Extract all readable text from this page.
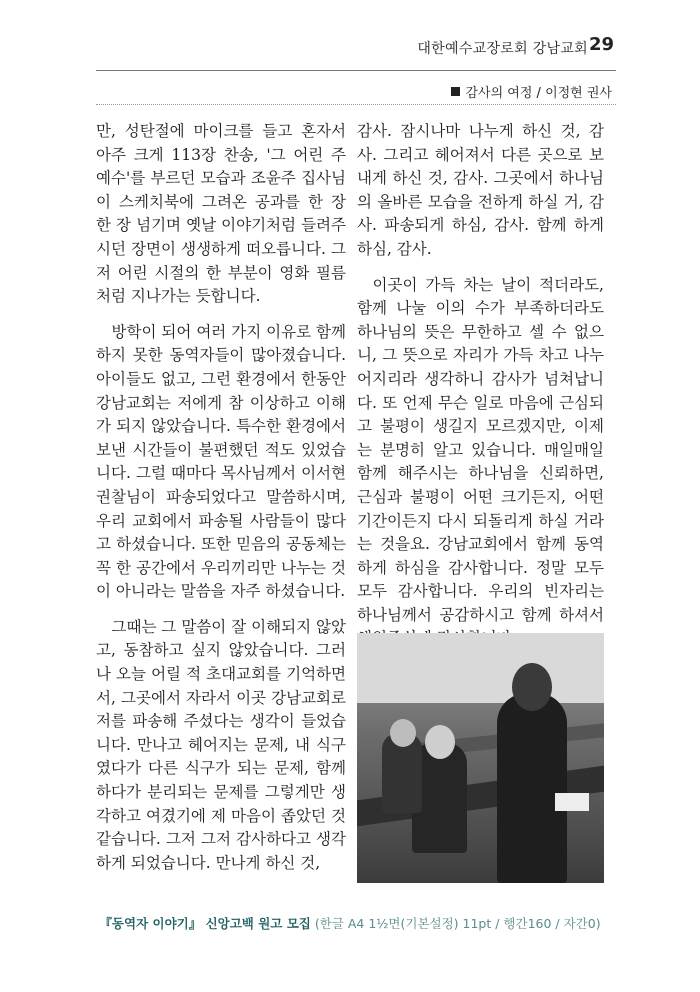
대한예수교장로회 강남교회 29
감사의 여정 / 이정현 권사

만, 성탄절에 마이크를 들고 혼자서 아주 크게 113장 찬송, '그 어린 주 예수'를 부르던 모습과 조윤주 집사님이 스케치북에 그려온 공과를 한 장 한 장 넘기며 옛날 이야기처럼 들려주시던 장면이 생생하게 떠오릅니다. 그저 어린 시절의 한 부분이 영화 필름처럼 지나가는 듯합니다.

방학이 되어 여러 가지 이유로 함께 하지 못한 동역자들이 많아졌습니다. 아이들도 없고, 그런 환경에서 한동안 강남교회는 저에게 참 이상하고 이해가 되지 않았습니다. 특수한 환경에서 보낸 시간들이 불편했던 적도 있었습니다. 그럴 때마다 목사님께서 이서현 권찰님이 파송되었다고 말씀하시며, 우리 교회에서 파송될 사람들이 많다고 하셨습니다. 또한 믿음의 공동체는 꼭 한 공간에서 우리끼리만 나누는 것이 아니라는 말씀을 자주 하셨습니다.

그때는 그 말씀이 잘 이해되지 않았고, 동참하고 싶지 않았습니다. 그러나 오늘 어릴 적 초대교회를 기억하면서, 그곳에서 자라서 이곳 강남교회로 저를 파송해 주셨다는 생각이 들었습니다. 만나고 헤어지는 문제, 내 식구였다가 다른 식구가 되는 문제, 함께 하다가 분리되는 문제를 그렇게만 생각하고 여겼기에 제 마음이 좁았던 것 같습니다. 그저 그저 감사하다고 생각하게 되었습니다. 만나게 하신 것,

감사. 잠시나마 나누게 하신 것, 감사. 그리고 헤어져서 다른 곳으로 보내게 하신 것, 감사. 그곳에서 하나님의 올바른 모습을 전하게 하실 거, 감사. 파송되게 하심, 감사. 함께 하게 하심, 감사.

이곳이 가득 차는 날이 적더라도, 함께 나눌 이의 수가 부족하더라도 하나님의 뜻은 무한하고 셀 수 없으니, 그 뜻으로 자리가 가득 차고 나누어지리라 생각하니 감사가 넘쳐납니다. 또 언제 무슨 일로 마음에 근심되고 불평이 생길지 모르겠지만, 이제는 분명히 알고 있습니다. 매일매일 함께 해주시는 하나님을 신뢰하면, 근심과 불평이 어떤 크기든지, 어떤 기간이든지 다시 되돌리게 하실 거라는 것을요. 강남교회에서 함께 동역하게 하심을 감사합니다. 정말 모두 모두 감사합니다. 우리의 빈자리는 하나님께서 공감하시고 함께 하셔서

『동역자 이야기』 신앙고백 원고 모집 (한글 A4 1½면(기본설정) 11pt / 행간160 / 자간0)
